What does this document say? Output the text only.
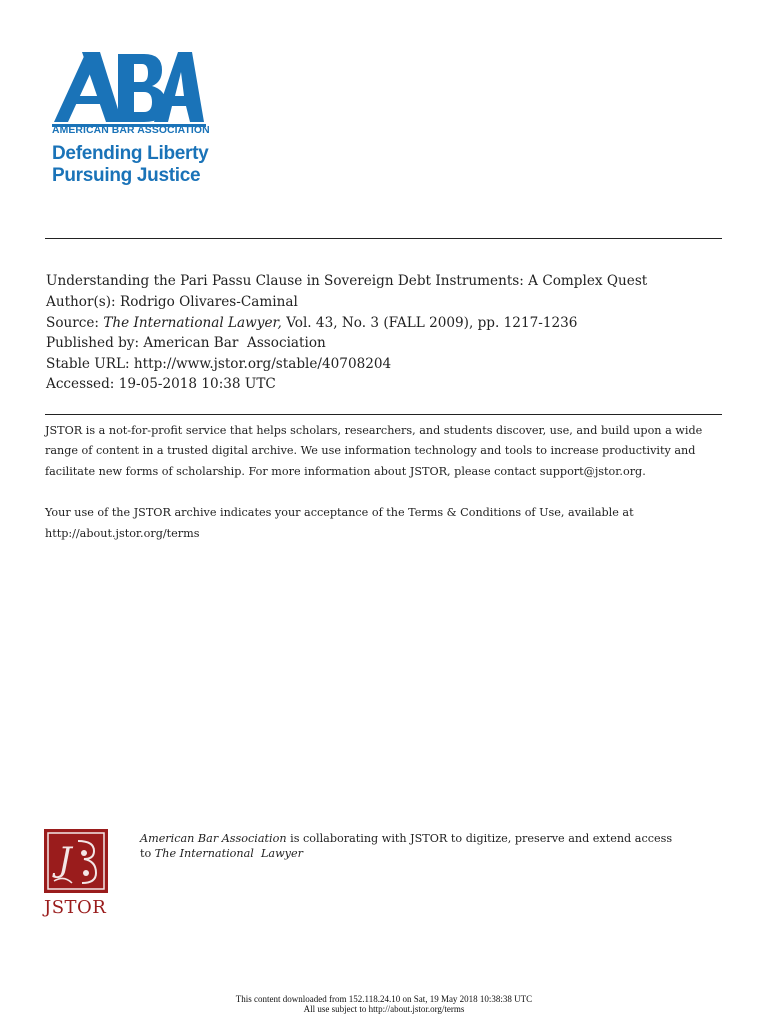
AMERICAN BAR ASSOCIATION
Defending Liberty
Pursuing Justice
Understanding the Pari Passu Clause in Sovereign Debt Instruments: A Complex Quest
Author(s): Rodrigo Olivares-Caminal
Source: The International Lawyer, Vol. 43, No. 3 (FALL 2009), pp. 1217-1236
Published by: American Bar  Association
Stable URL: http://www.jstor.org/stable/40708204
Accessed: 19-05-2018 10:38 UTC
JSTOR is a not-for-profit service that helps scholars, researchers, and students discover, use, and build upon a wide
range of content in a trusted digital archive. We use information technology and tools to increase productivity and
facilitate new forms of scholarship. For more information about JSTOR, please contact support@jstor.org.
Your use of the JSTOR archive indicates your acceptance of the Terms & Conditions of Use, available at
http://about.jstor.org/terms
J
JSTOR
American Bar Association is collaborating with JSTOR to digitize, preserve and extend access
to The International  Lawyer
This content downloaded from 152.118.24.10 on Sat, 19 May 2018 10:38:38 UTC
All use subject to http://about.jstor.org/terms
